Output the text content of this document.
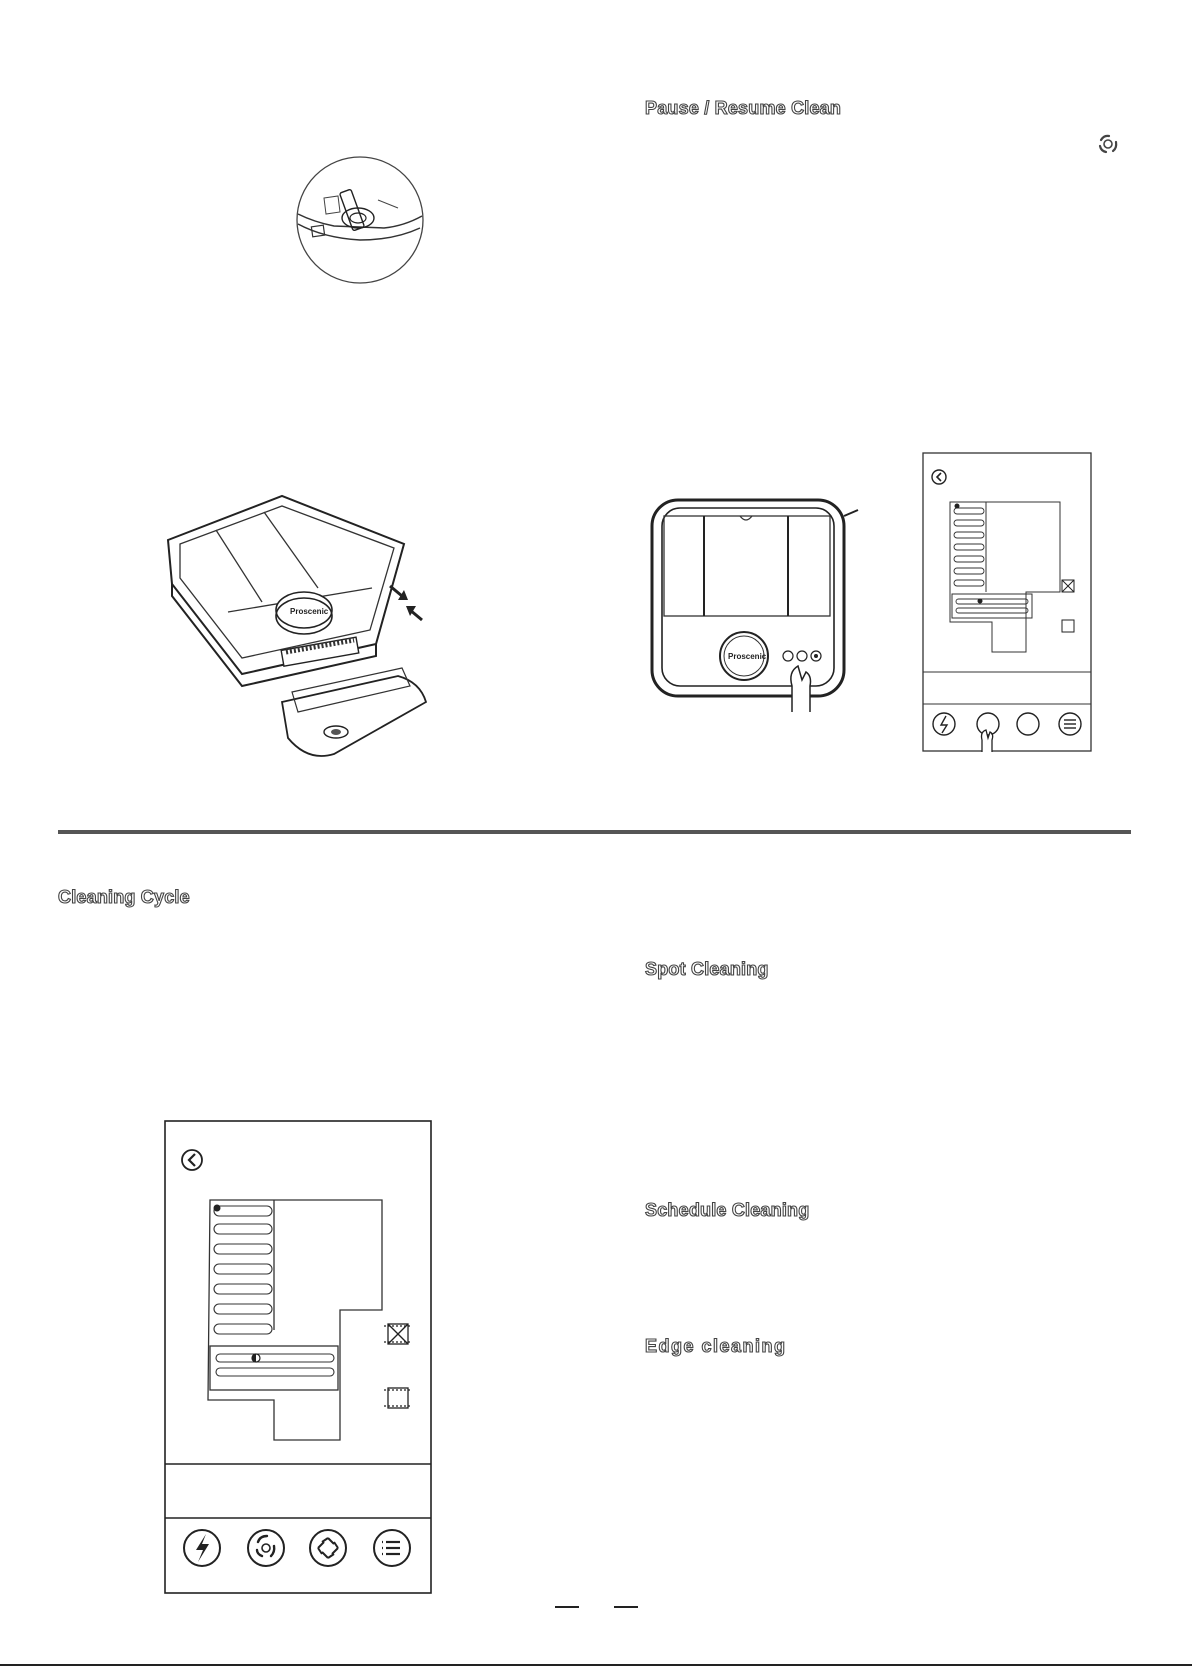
Pause / Resume Clean
Cleaning Cycle
Spot Cleaning
Schedule Cleaning
Edge cleaning
Proscenic
Proscenic
